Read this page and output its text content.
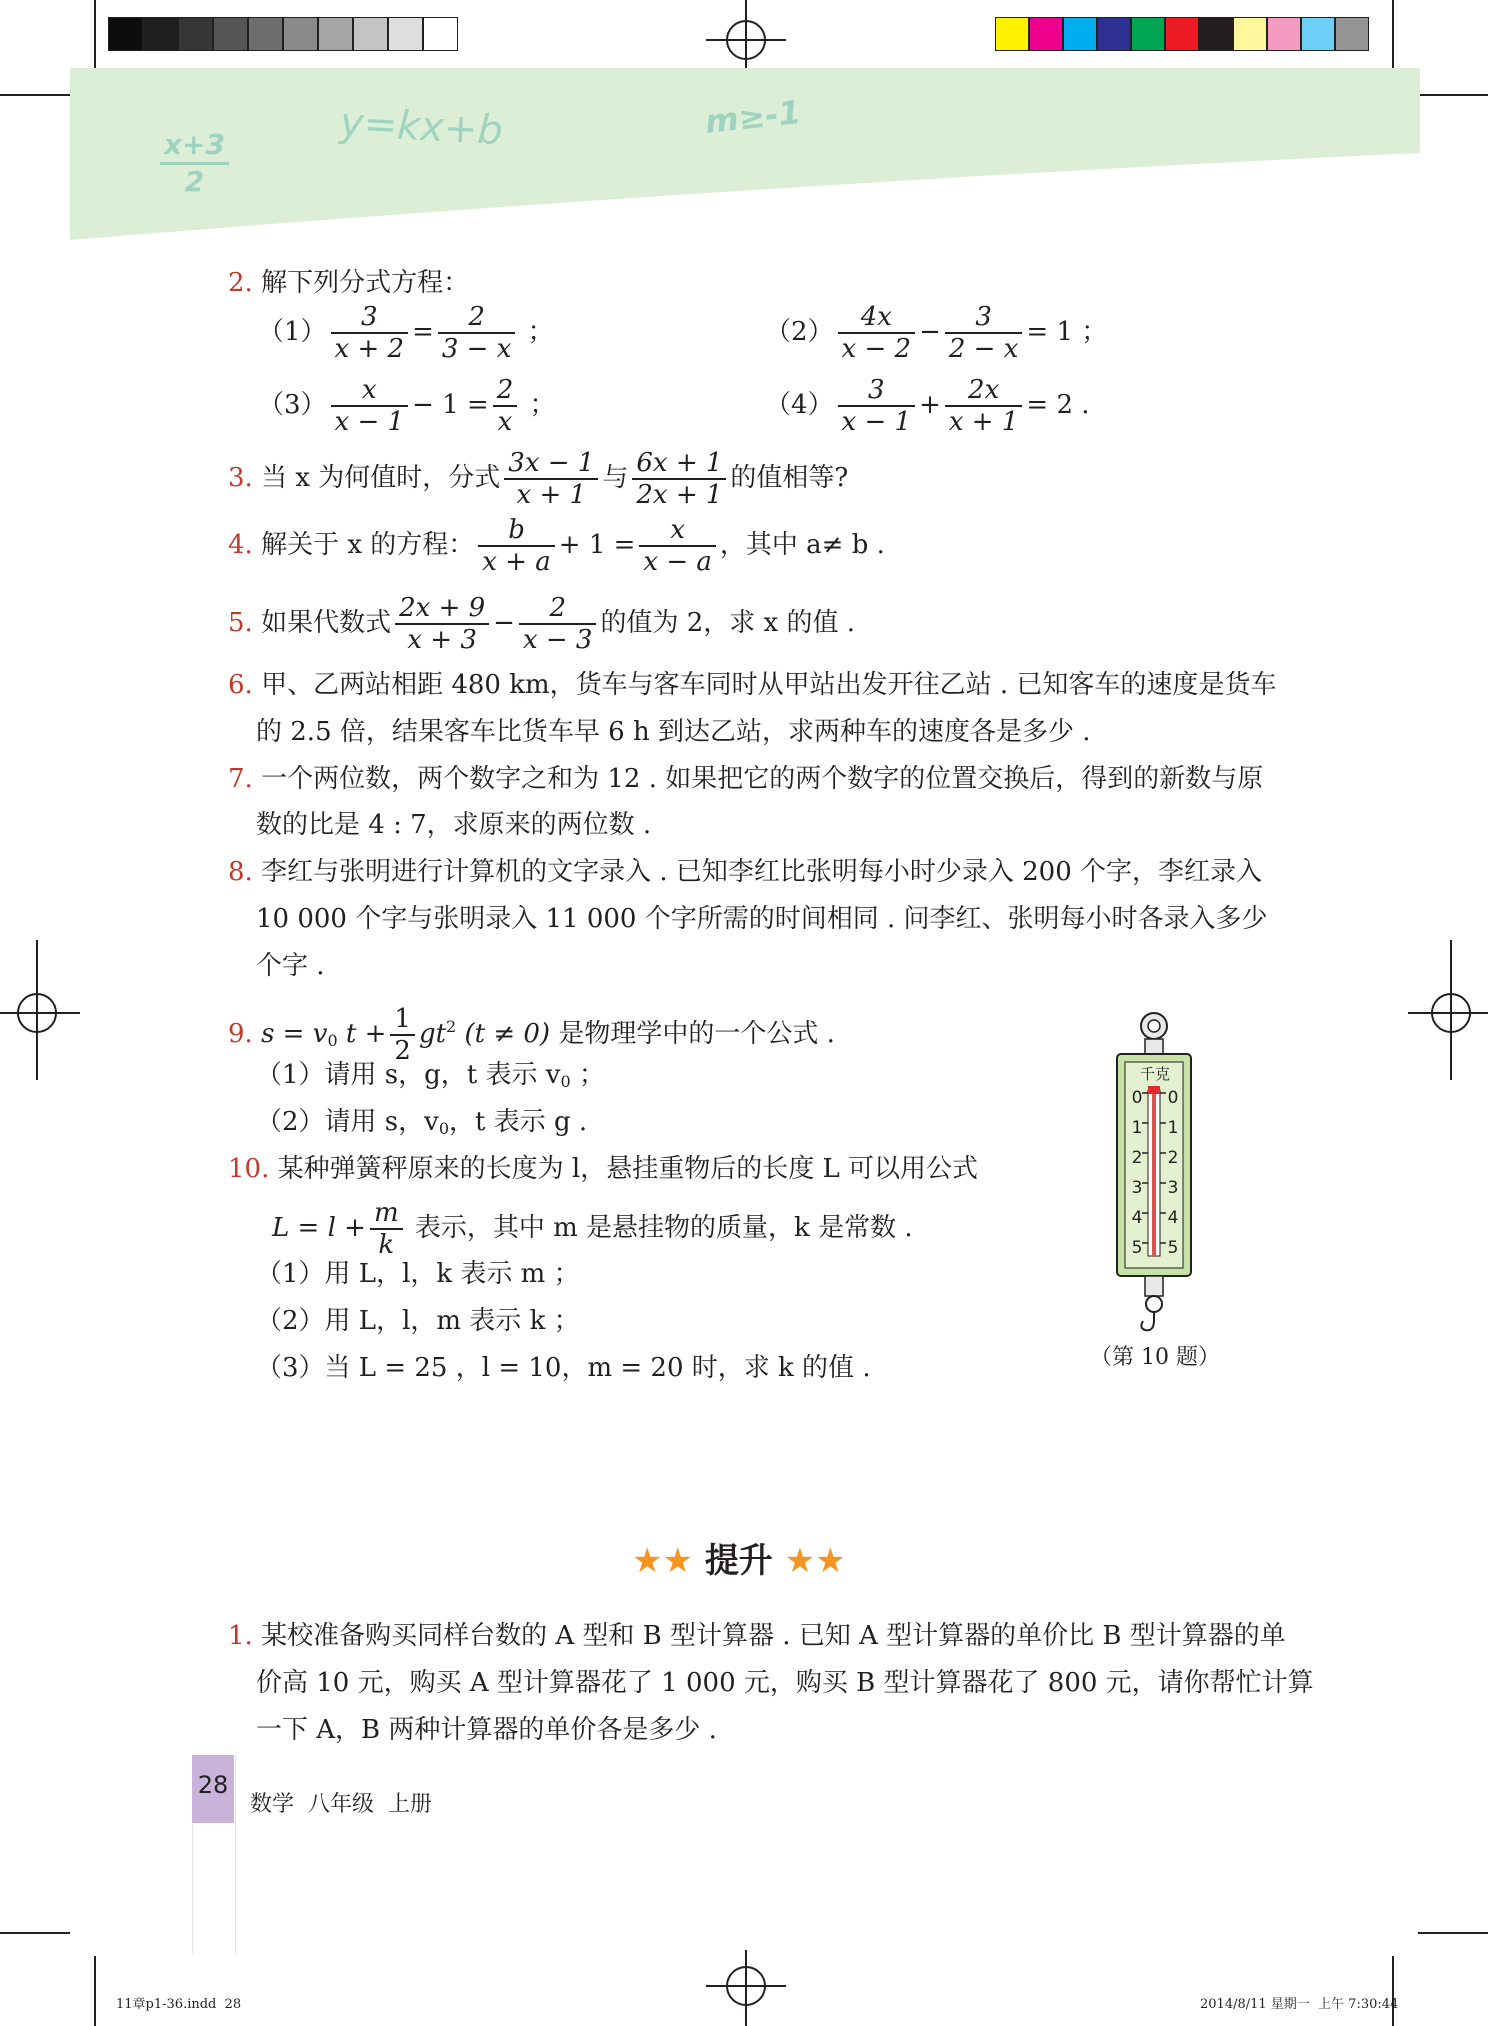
x+3
2
y=kx+b	m≥-1
2. 解下列分式方程：
$(1) \frac{3}{x + 2} = \frac{2}{3 - x}$ ；	$(2) \frac{4x}{x - 2} - \frac{3}{2 - x} = 1$ ；
$(3) \frac{x}{x - 1} - 1 = \frac{2}{x}$ ；	$(4) \frac{3}{x - 1} + \frac{2x}{x + 1} = 2$ .
3. 当 x 为何值时，分式 $\frac{3x - 1}{x + 1}$ 与 $\frac{6x + 1}{2x + 1}$ 的值相等?
4. 解关于 x 的方程： $\frac{b}{x + a} + 1 = \frac{x}{x - a}$ ，其中 a≠ b .
5. 如果代数式 $\frac{2x + 9}{x + 3} - \frac{2}{x - 3}$ 的值为 2，求 x 的值 .
6. 甲、乙两站相距 480 km，货车与客车同时从甲站出发开往乙站 . 已知客车的速度是货车
的 2.5 倍，结果客车比货车早 6 h 到达乙站，求两种车的速度各是多少 .
7. 一个两位数，两个数字之和为 12 . 如果把它的两个数字的位置交换后，得到的新数与原
数的比是 4 : 7，求原来的两位数 .
8. 李红与张明进行计算机的文字录入 . 已知李红比张明每小时少录入 200 个字，李红录入
10 000 个字与张明录入 11 000 个字所需的时间相同 . 问李红、张明每小时各录入多少
个字 .
9. $s = v_0$ $t + \frac{1}{2} gt^2$ (t ≠ 0) 是物理学中的一个公式 .
（1）请用 s，g，t 表示 $v_0$ ；
（2）请用 s，$v_0$，t 表示 g .
10. 某种弹簧秤原来的长度为 l，悬挂重物后的长度 L 可以用公式
$L = l + \frac{m}{k}$ 表示，其中 m 是悬挂物的质量，k 是常数 .
（1）用 L，l，k 表示 m ；
（2）用 L，l，m 表示 k ；
（3）当 L = 25 ，l = 10，m = 20 时，求 k 的值 .
千克
0
1
2
3
4
5
0
1
2
3
4
5
（第 10 题）
★★ 提升 ★★
1. 某校准备购买同样台数的 A 型和 B 型计算器 . 已知 A 型计算器的单价比 B 型计算器的单
价高 10 元，购买 A 型计算器花了 1 000 元，购买 B 型计算器花了 800 元，请你帮忙计算
一下 A，B 两种计算器的单价各是多少 .
28
数学  八年级  上册
11章p1-36.indd  28	2014/8/11 星期一  上午 7:30:44
